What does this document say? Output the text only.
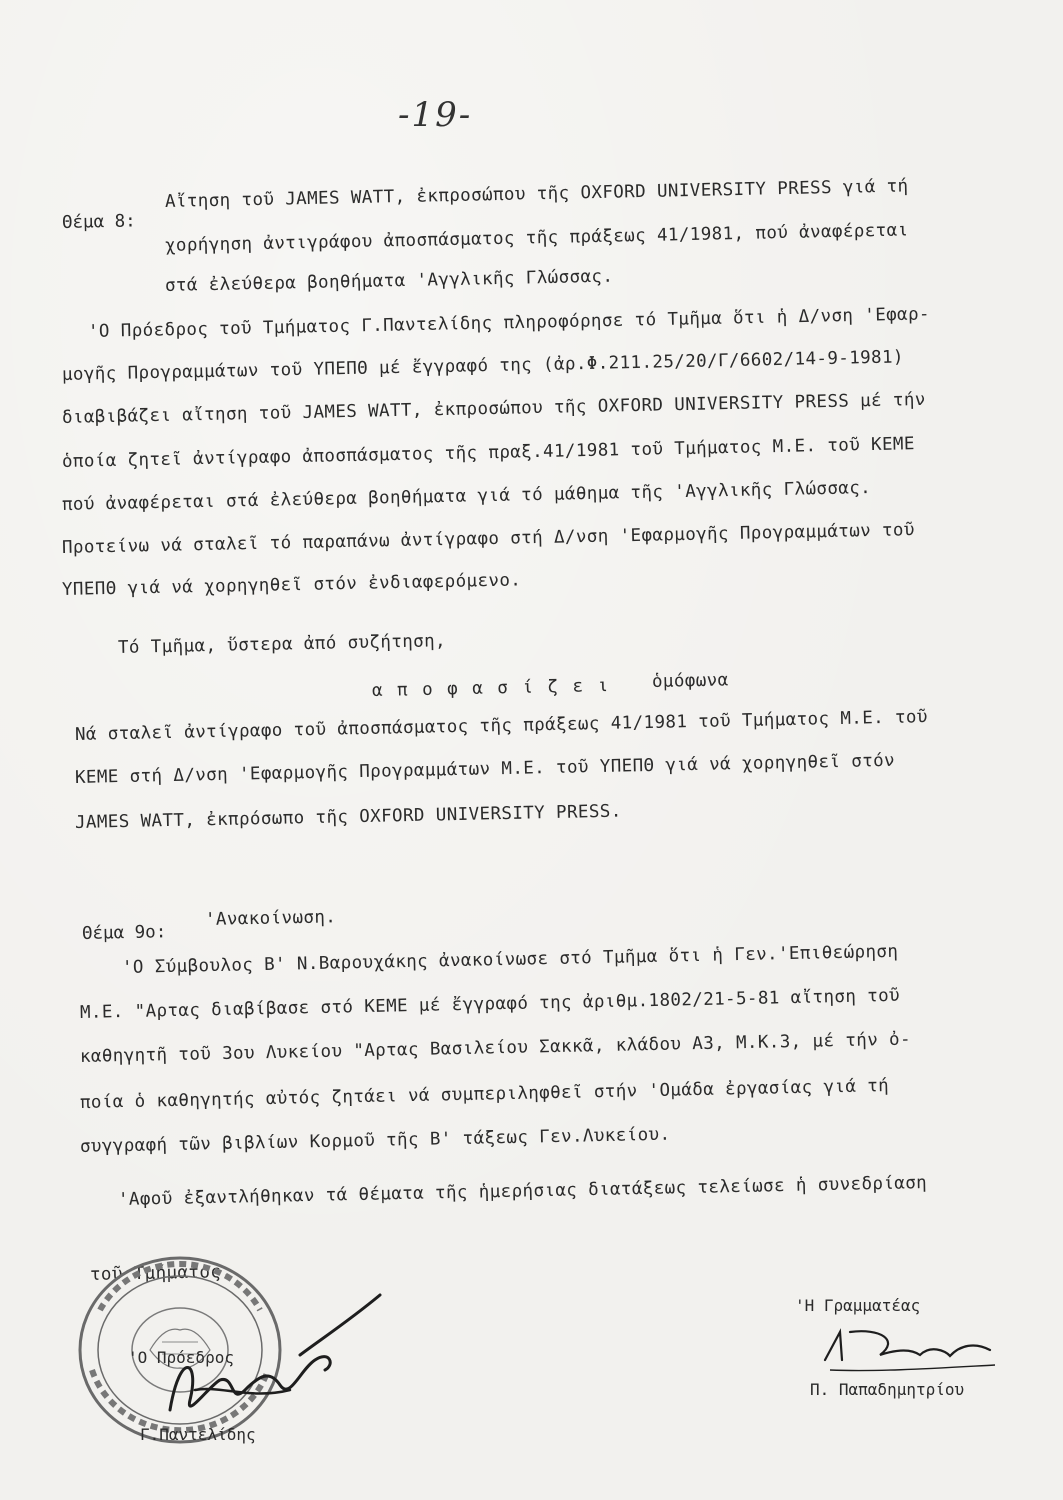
-19-
Θέμα 8:
Αἴτηση τοῦ JAMES WATT, ἐκπροσώπου τῆς OXFORD UNIVERSITY PRESS γιά τή
χορήγηση ἀντιγράφου ἀποσπάσματος τῆς πράξεως 41/1981, πού ἀναφέρεται
στά ἐλεύθερα βοηθήματα 'Αγγλικῆς Γλώσσας.
'Ο Πρόεδρος τοῦ Τμήματος Γ.Παντελίδης πληροφόρησε τό Τμῆμα ὅτι ἡ Δ/νση 'Εφαρ-
μογῆς Προγραμμάτων τοῦ ΥΠΕΠΘ μέ ἔγγραφό της (ἀρ.Φ.211.25/20/Γ/6602/14-9-1981)
διαβιβάζει αἴτηση τοῦ JAMES WATT, ἐκπροσώπου τῆς OXFORD UNIVERSITY PRESS μέ τήν
ὁποία ζητεῖ ἀντίγραφο ἀποσπάσματος τῆς πραξ.41/1981 τοῦ Τμήματος Μ.Ε. τοῦ ΚΕΜΕ
πού ἀναφέρεται στά ἐλεύθερα βοηθήματα γιά τό μάθημα τῆς 'Αγγλικῆς Γλώσσας.
Προτείνω νά σταλεῖ τό παραπάνω ἀντίγραφο στή Δ/νση 'Εφαρμογῆς Προγραμμάτων τοῦ
ΥΠΕΠΘ γιά νά χορηγηθεῖ στόν ἐνδιαφερόμενο.
Τό Τμῆμα, ὕστερα ἀπό συζήτηση,
α π ο φ α σ ί ζ ε ι ὁμόφωνα
Νά σταλεῖ ἀντίγραφο τοῦ ἀποσπάσματος τῆς πράξεως 41/1981 τοῦ Τμήματος Μ.Ε. τοῦ
ΚΕΜΕ στή Δ/νση 'Εφαρμογῆς Προγραμμάτων Μ.Ε. τοῦ ΥΠΕΠΘ γιά νά χορηγηθεῖ στόν
JAMES WATT, ἐκπρόσωπο τῆς OXFORD UNIVERSITY PRESS.
Θέμα 9ο:
'Ανακοίνωση.
'Ο Σύμβουλος Β' Ν.Βαρουχάκης ἀνακοίνωσε στό Τμῆμα ὅτι ἡ Γεν.'Επιθεώρηση
Μ.Ε. "Αρτας διαβίβασε στό ΚΕΜΕ μέ ἔγγραφό της ἀριθμ.1802/21-5-81 αἴτηση τοῦ
καθηγητῆ τοῦ 3ου Λυκείου "Αρτας Βασιλείου Σακκᾶ, κλάδου Α3, Μ.Κ.3, μέ τήν ὀ-
ποία ὁ καθηγητής αὐτός ζητάει νά συμπεριληφθεῖ στήν 'Ομάδα ἐργασίας γιά τή
συγγραφή τῶν βιβλίων Κορμοῦ τῆς Β' τάξεως Γεν.Λυκείου.
'Αφοῦ ἐξαντλήθηκαν τά θέματα τῆς ἡμερήσιας διατάξεως τελείωσε ἡ συνεδρίαση
τοῦ Τμήματος.
'Ο Πρόεδρος
Γ.Παντελίδης
'Η Γραμματέας
Π. Παπαδημητρίου
